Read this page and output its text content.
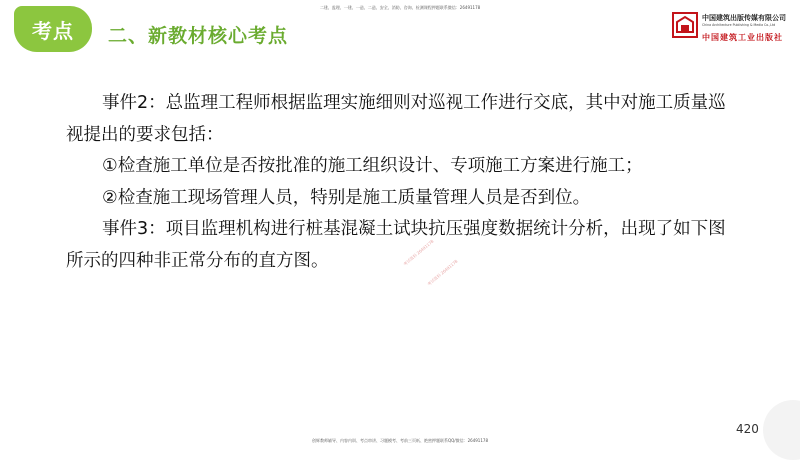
二建、监理、一建、一造、二造、安全、消防、咨询、检测课程押题联系微信：26491178
考点	二、新教材核心考点
中国建筑出版传媒有限公司
China Architecture Publishing & Media Co.,Ltd
中国建筑工业出版社

事件2：总监理工程师根据监理实施细则对巡视工作进行交底，其中对施工质量巡视提出的要求包括：

①检查施工单位是否按批准的施工组织设计、专项施工方案进行施工；

②检查施工现场管理人员，特别是施工质量管理人员是否到位。

事件3：项目监理机构进行桩基混凝土试块抗压强度数据统计分析，出现了如下图所示的四种非正常分布的直方图。	考试资料 26491178
考试资料 26491178
420
创辉教师辅导、内容内训、考点串讲、习题模考、考前三页纸、绝密押题联系QQ/微信：26491178
